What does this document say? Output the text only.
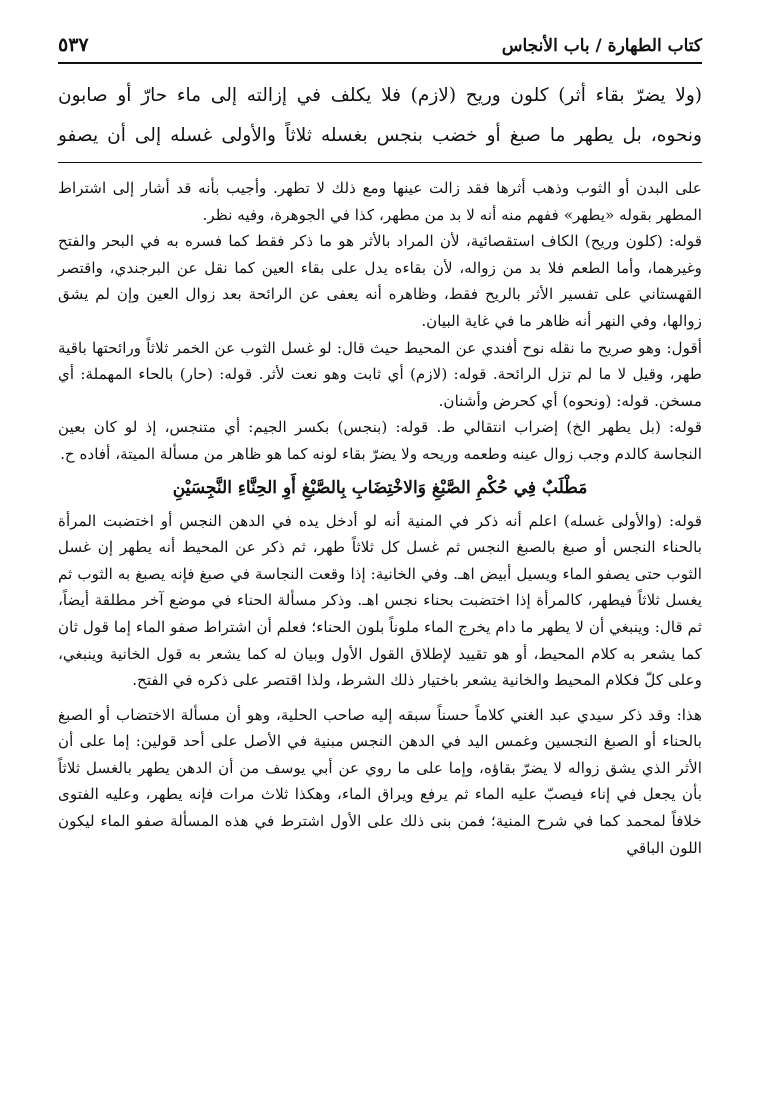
كتاب الطهارة / باب الأنجاس
٥٣٧

(ولا يضرّ بقاء أثر) كلون وريح (لازم) فلا يكلف في إزالته إلى ماء حارّ أو صابون

ونحوه، بل يطهر ما صبغ أو خضب بنجس بغسله ثلاثاً والأولى غسله إلى أن يصفو

على البدن أو الثوب وذهب أثرها فقد زالت عينها ومع ذلك لا تطهر. وأجيب بأنه قد أشار إلى اشتراط المطهر بقوله «يطهر» ففهم منه أنه لا بد من مطهر، كذا في الجوهرة، وفيه نظر.

قوله: (كلون وريح) الكاف استقصائية، لأن المراد بالأثر هو ما ذكر فقط كما فسره به في البحر والفتح وغيرهما، وأما الطعم فلا بد من زواله، لأن بقاءه يدل على بقاء العين كما نقل عن البرجندي، واقتصر القهستاني على تفسير الأثر بالريح فقط، وظاهره أنه يعفى عن الرائحة بعد زوال العين وإن لم يشق زوالها، وفي النهر أنه ظاهر ما في غاية البيان.

أقول: وهو صريح ما نقله نوح أفندي عن المحيط حيث قال: لو غسل الثوب عن الخمر ثلاثاً ورائحتها باقية طهر، وقيل لا ما لم تزل الرائحة. قوله: (لازم) أي ثابت وهو نعت لأثر. قوله: (حار) بالحاء المهملة: أي مسخن. قوله: (ونحوه) أي كحرض وأشنان.

قوله: (بل يطهر الخ) إضراب انتقالي ط. قوله: (بنجس) بكسر الجيم: أي متنجس، إذ لو كان بعين النجاسة كالدم وجب زوال عينه وطعمه وريحه ولا يضرّ بقاء لونه كما هو ظاهر من مسألة الميتة، أفاده ح.

مَطْلَبٌ فِي حُكْمِ الصَّبْغِ وَالاخْتِضَابِ بِالصَّبْغِ أَوِ الحِنَّاءِ النَّجِسَيْنِ

قوله: (والأولى غسله) اعلم أنه ذكر في المنية أنه لو أدخل يده في الدهن النجس أو اختضبت المرأة بالحناء النجس أو صبغ بالصبغ النجس ثم غسل كل ثلاثاً طهر، ثم ذكر عن المحيط أنه يطهر إن غسل الثوب حتى يصفو الماء ويسيل أبيض اهـ. وفي الخانية: إذا وقعت النجاسة في صبغ فإنه يصبغ به الثوب ثم يغسل ثلاثاً فيطهر، كالمرأة إذا اختضبت بحناء نجس اهـ. وذكر مسألة الحناء في موضع آخر مطلقة أيضاً، ثم قال: وينبغي أن لا يطهر ما دام يخرج الماء ملوناً بلون الحناء؛ فعلم أن اشتراط صفو الماء إما قول ثان كما يشعر به كلام المحيط، أو هو تقييد لإطلاق القول الأول وبيان له كما يشعر به قول الخانية وينبغي، وعلى كلّ فكلام المحيط والخانية يشعر باختيار ذلك الشرط، ولذا اقتصر على ذكره في الفتح.

هذا: وقد ذكر سيدي عبد الغني كلاماً حسناً سبقه إليه صاحب الحلية، وهو أن مسألة الاختضاب أو الصبغ بالحناء أو الصبغ النجسين وغمس اليد في الدهن النجس مبنية في الأصل على أحد قولين: إما على أن الأثر الذي يشق زواله لا يضرّ بقاؤه، وإما على ما روي عن أبي يوسف من أن الدهن يطهر بالغسل ثلاثاً بأن يجعل في إناء فيصبّ عليه الماء ثم يرفع ويراق الماء، وهكذا ثلاث مرات فإنه يطهر، وعليه الفتوى خلافاً لمحمد كما في شرح المنية؛ فمن بنى ذلك على الأول اشترط في هذه المسألة صفو الماء ليكون اللون الباقي
